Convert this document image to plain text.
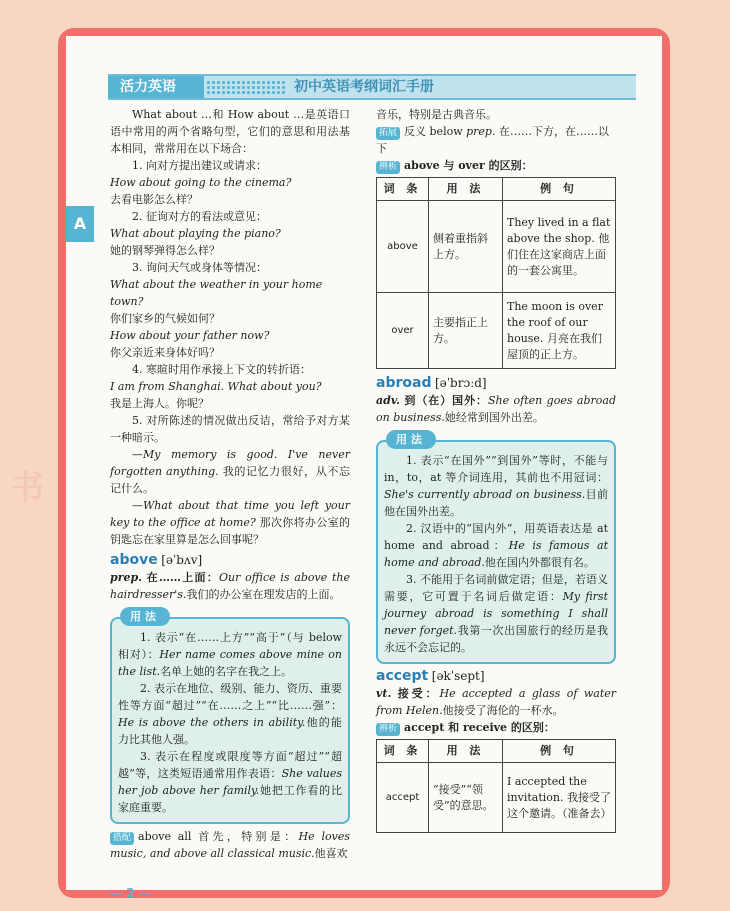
书
活力英语	初中英语考纲词汇手册
A

What about …和 How about …是英语口语中常用的两个省略句型，它们的意思和用法基本相同，常常用在以下场合：

1. 向对方提出建议或请求：

How about going to the cinema?

去看电影怎么样？

2. 征询对方的看法或意见：

What about playing the piano?

她的钢琴弹得怎么样？

3. 询问天气或身体等情况：

What about the weather in your home town?

你们家乡的气候如何？

How about your father now?

你父亲近来身体好吗？

4. 寒暄时用作承接上下文的转折语：

I am from Shanghai. What about you?

我是上海人。你呢？

5. 对所陈述的情况做出反诘，常给予对方某一种暗示。

—My memory is good. I've never forgotten anything. 我的记忆力很好，从不忘记什么。

—What about that time you left your key to the office at home? 那次你将办公室的钥匙忘在家里算是怎么回事呢？

above [əˈbʌv]

prep. 在……上面：Our office is above the hairdresser's.我们的办公室在理发店的上面。

用法

1. 表示“在……上方”“高于”（与 below 相对）：Her name comes above mine on the list.名单上她的名字在我之上。

2. 表示在地位、级别、能力、资历、重要性等方面“超过”“在……之上”“比……强”：He is above the others in ability.他的能力比其他人强。

3. 表示在程度或限度等方面“超过”“超越”等，这类短语通常用作表语：She values her job above her family.她把工作看的比家庭重要。

搭配 above all 首先，特别是：He loves music, and above all classical music.他喜欢

音乐，特别是古典音乐。

拓展 反义 below prep. 在……下方，在……以下

辨析 above 与 over 的区别：

词 条	用 法	例 句
above	侧着重指斜上方。	They lived in a flat above the shop. 他们住在这家商店上面的一套公寓里。
over	主要指正上方。	The moon is over the roof of our house. 月亮在我们屋顶的正上方。

abroad [əˈbrɔːd]

adv. 到（在）国外：She often goes abroad on business.她经常到国外出差。

用法

1. 表示“在国外”“到国外”等时，不能与 in，to，at 等介词连用，其前也不用冠词：She's currently abroad on business.目前他在国外出差。

2. 汉语中的“国内外”，用英语表达是 at home and abroad：He is famous at home and abroad.他在国内外都很有名。

3. 不能用于名词前做定语；但是，若语义需要，它可置于名词后做定语：My first journey abroad is something I shall never forget.我第一次出国旅行的经历是我永远不会忘记的。

accept [əkˈsept]

vt. 接受：He accepted a glass of water from Helen.他接受了海伦的一杯水。

辨析 accept 和 receive 的区别：

词 条	用 法	例 句
accept	“接受”“领受”的意思。	I accepted the invitation. 我接受了这个邀请。（准备去）
— 2 —
